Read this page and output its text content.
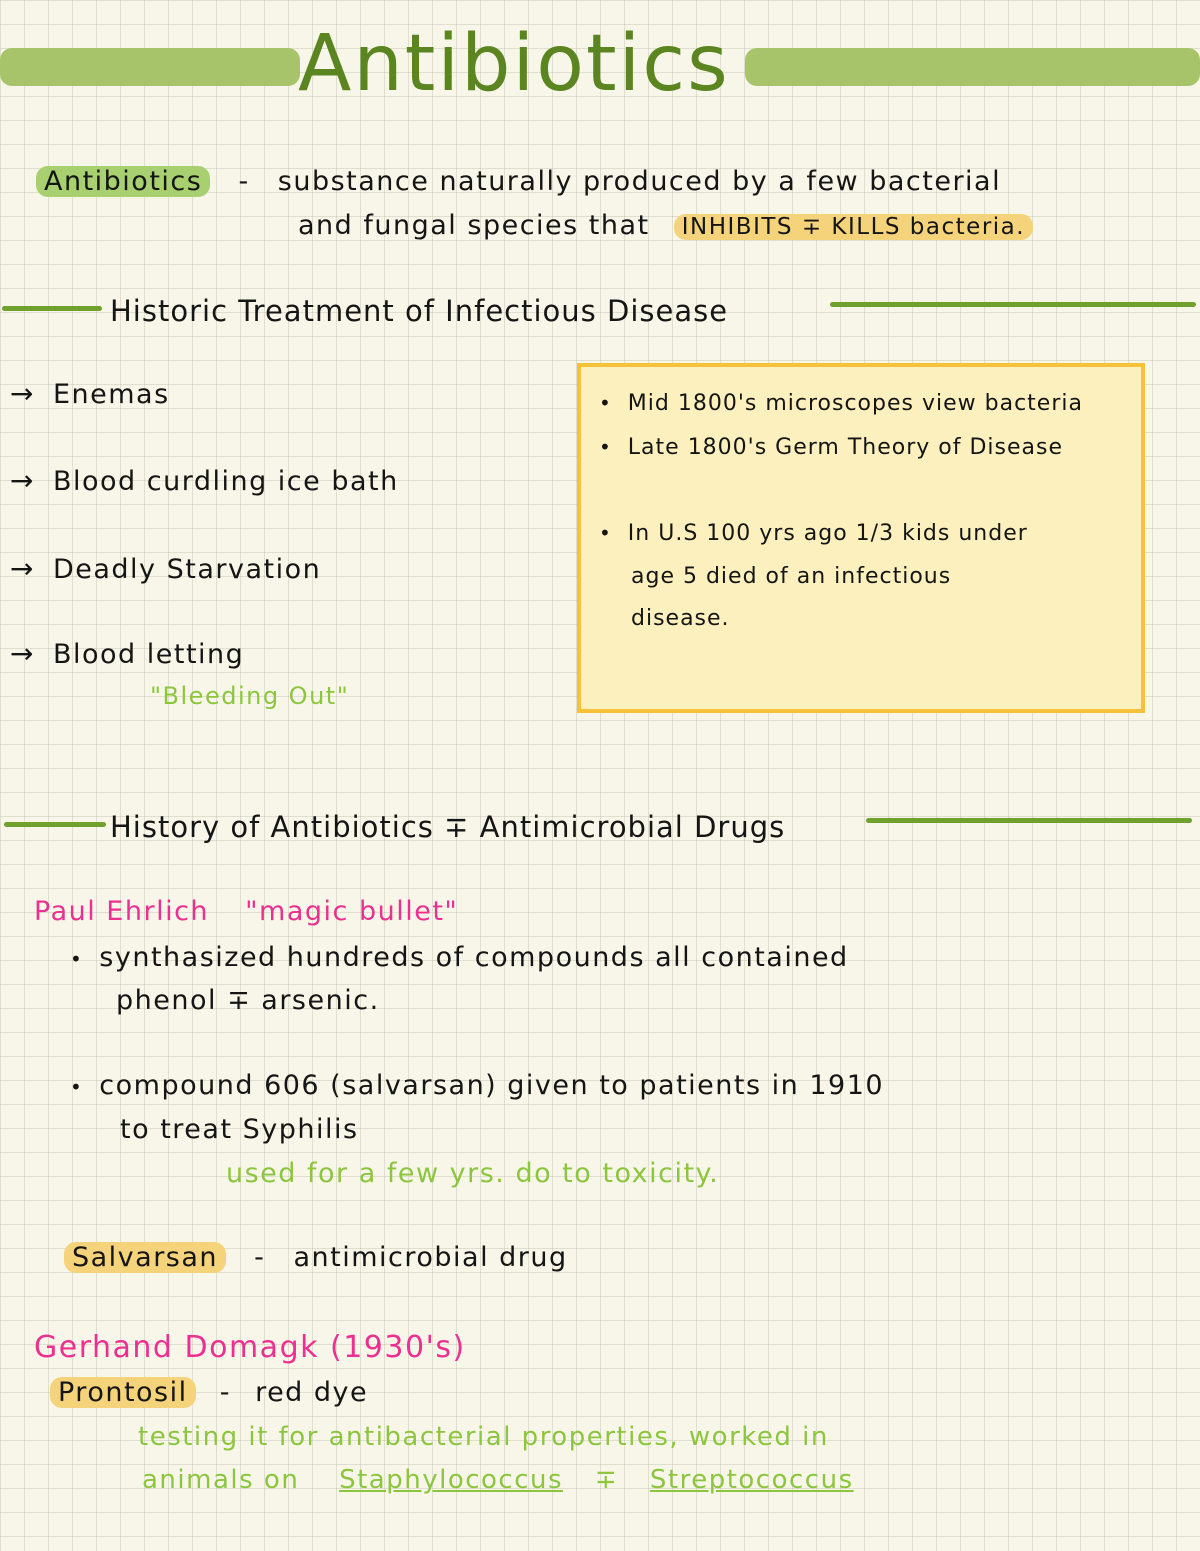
Antibiotics
Antibiotics - substance naturally produced by a few bacterial
and fungal species that INHIBITS ∓ KILLS bacteria.
Historic Treatment of Infectious Disease
→ Enemas
→ Blood curdling ice bath
→ Deadly Starvation
→ Blood letting
"Bleeding Out"
• Mid 1800's microscopes view bacteria
• Late 1800's Germ Theory of Disease
• In U.S 100 yrs ago 1/3 kids under
age 5 died of an infectious
disease.
History of Antibiotics ∓ Antimicrobial Drugs
Paul Ehrlich "magic bullet"
• synthasized hundreds of compounds all contained
phenol ∓ arsenic.
• compound 606 (salvarsan) given to patients in 1910
to treat Syphilis
used for a few yrs. do to toxicity.
Salvarsan - antimicrobial drug
Gerhand Domagk (1930's)
Prontosil - red dye
testing it for antibacterial properties, worked in
animals on Staphylococcus ∓ Streptococcus
